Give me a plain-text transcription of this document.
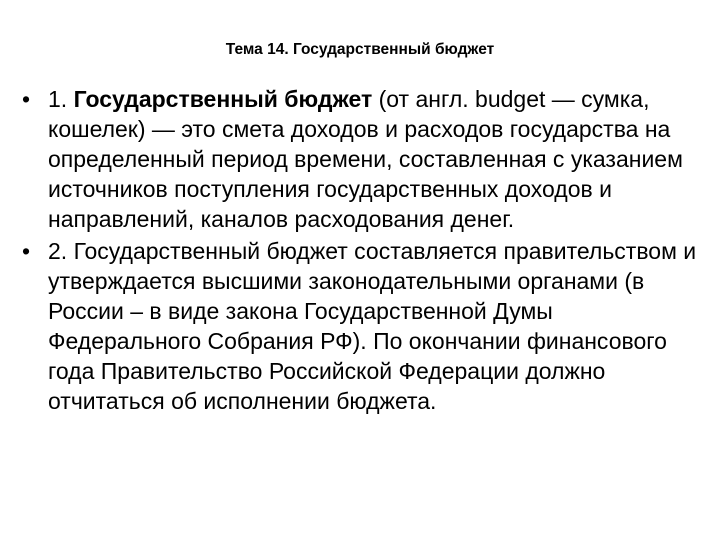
Тема 14. Государственный бюджет
• 1. Государственный бюджет (от англ. budget — сумка, кошелек) — это смета доходов и расходов государства на определенный период времени, составленная с указанием источников поступления государственных доходов и направлений, каналов расходования денег.
• 2. Государственный бюджет составляется правительством и утверждается высшими законодательными органами (в России – в виде закона Государственной Думы Федерального Собрания РФ). По окончании финансового года Правительство Российской Федерации должно отчитаться об исполнении бюджета.
